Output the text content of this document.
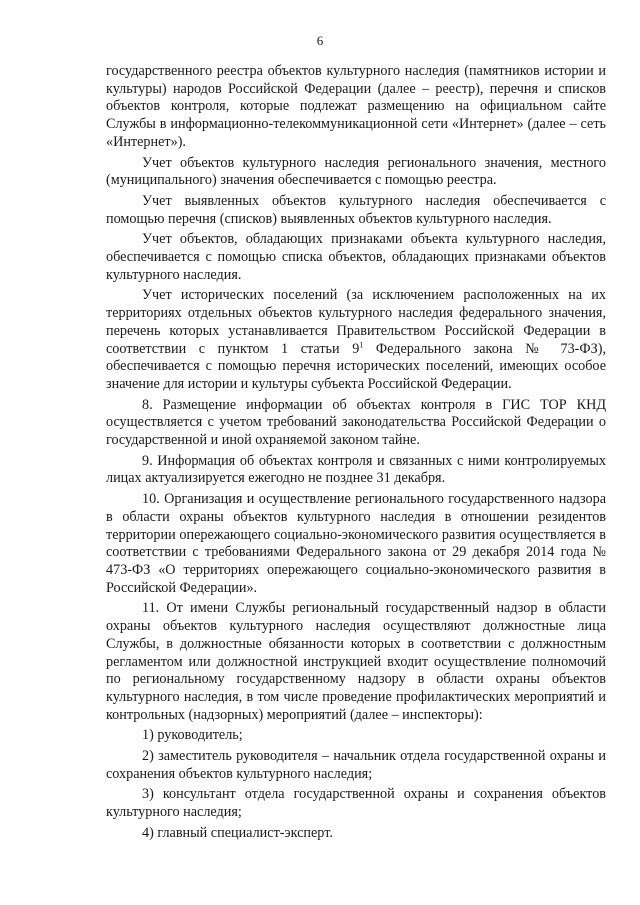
6

государственного реестра объектов культурного наследия (памятников истории и культуры) народов Российской Федерации (далее – реестр), перечня и списков объектов контроля, которые подлежат размещению на официальном сайте Службы в информационно-телекоммуникационной сети «Интернет» (далее – сеть «Интернет»).

Учет объектов культурного наследия регионального значения, местного (муниципального) значения обеспечивается с помощью реестра.

Учет выявленных объектов культурного наследия обеспечивается с помощью перечня (списков) выявленных объектов культурного наследия.

Учет объектов, обладающих признаками объекта культурного наследия, обеспечивается с помощью списка объектов, обладающих признаками объектов культурного наследия.

Учет исторических поселений (за исключением расположенных на их территориях отдельных объектов культурного наследия федерального значения, перечень которых устанавливается Правительством Российской Федерации в соответствии с пунктом 1 статьи $9^1$ Федерального закона № 73-ФЗ), обеспечивается с помощью перечня исторических поселений, имеющих особое значение для истории и культуры субъекта Российской Федерации.

8. Размещение информации об объектах контроля в ГИС ТОР КНД осуществляется с учетом требований законодательства Российской Федерации о государственной и иной охраняемой законом тайне.

9. Информация об объектах контроля и связанных с ними контролируемых лицах актуализируется ежегодно не позднее 31 декабря.

10. Организация и осуществление регионального государственного надзора в области охраны объектов культурного наследия в отношении резидентов территории опережающего социально-экономического развития осуществляется в соответствии с требованиями Федерального закона от 29 декабря 2014 года № 473-ФЗ «О территориях опережающего социально-экономического развития в Российской Федерации».

11. От имени Службы региональный государственный надзор в области охраны объектов культурного наследия осуществляют должностные лица Службы, в должностные обязанности которых в соответствии с должностным регламентом или должностной инструкцией входит осуществление полномочий по региональному государственному надзору в области охраны объектов культурного наследия, в том числе проведение профилактических мероприятий и контрольных (надзорных) мероприятий (далее – инспекторы):

1) руководитель;

2) заместитель руководителя – начальник отдела государственной охраны и сохранения объектов культурного наследия;

3) консультант отдела государственной охраны и сохранения объектов культурного наследия;

4) главный специалист-эксперт.
